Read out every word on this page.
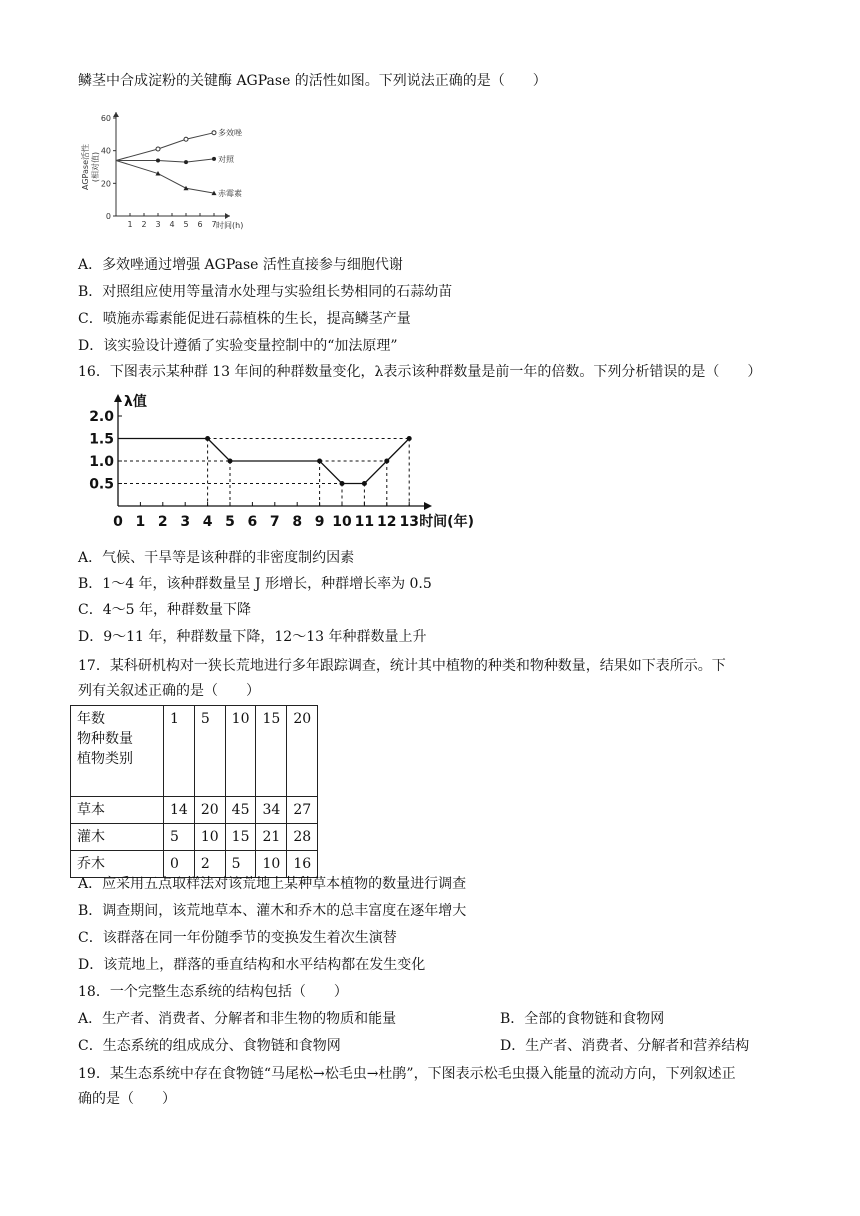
鳞茎中合成淀粉的关键酶 AGPase 的活性如图。下列说法正确的是（　　）
0
20
40
60
1 2 3 4 5 6 7 时间(h)
AGPase活性(相对值)
多效唑
对照
赤霉素
A．多效唑通过增强 AGPase 活性直接参与细胞代谢
B．对照组应使用等量清水处理与实验组长势相同的石蒜幼苗
C．喷施赤霉素能促进石蒜植株的生长，提高鳞茎产量
D．该实验设计遵循了实验变量控制中的“加法原理”
16．下图表示某种群 13 年间的种群数量变化，λ表示该种群数量是前一年的倍数。下列分析错误的是（　　）
λ值
0.5
1.0
1.5
2.0
0 1 2 3 4 5 6 7 8 9 10 11 12 13 时间(年)
A．气候、干旱等是该种群的非密度制约因素
B．1～4 年，该种群数量呈 J 形增长，种群增长率为 0.5
C．4～5 年，种群数量下降
D．9～11 年，种群数量下降，12～13 年种群数量上升
17．某科研机构对一狭长荒地进行多年跟踪调查，统计其中植物的种类和物种数量，结果如下表所示。下
列有关叙述正确的是（　　）
年数
物种数量
植物类别	1	5	10	15	20
草本	14	20	45	34	27
灌木	5	10	15	21	28
乔木	0	2	5	10	16
A．应采用五点取样法对该荒地上某种草本植物的数量进行调查
B．调查期间，该荒地草本、灌木和乔木的总丰富度在逐年增大
C．该群落在同一年份随季节的变换发生着次生演替
D．该荒地上，群落的垂直结构和水平结构都在发生变化
18．一个完整生态系统的结构包括（　　）
A．生产者、消费者、分解者和非生物的物质和能量	B．全部的食物链和食物网
C．生态系统的组成成分、食物链和食物网	D．生产者、消费者、分解者和营养结构
19．某生态系统中存在食物链“马尾松→松毛虫→杜鹃”，下图表示松毛虫摄入能量的流动方向，下列叙述正
确的是（　　）
